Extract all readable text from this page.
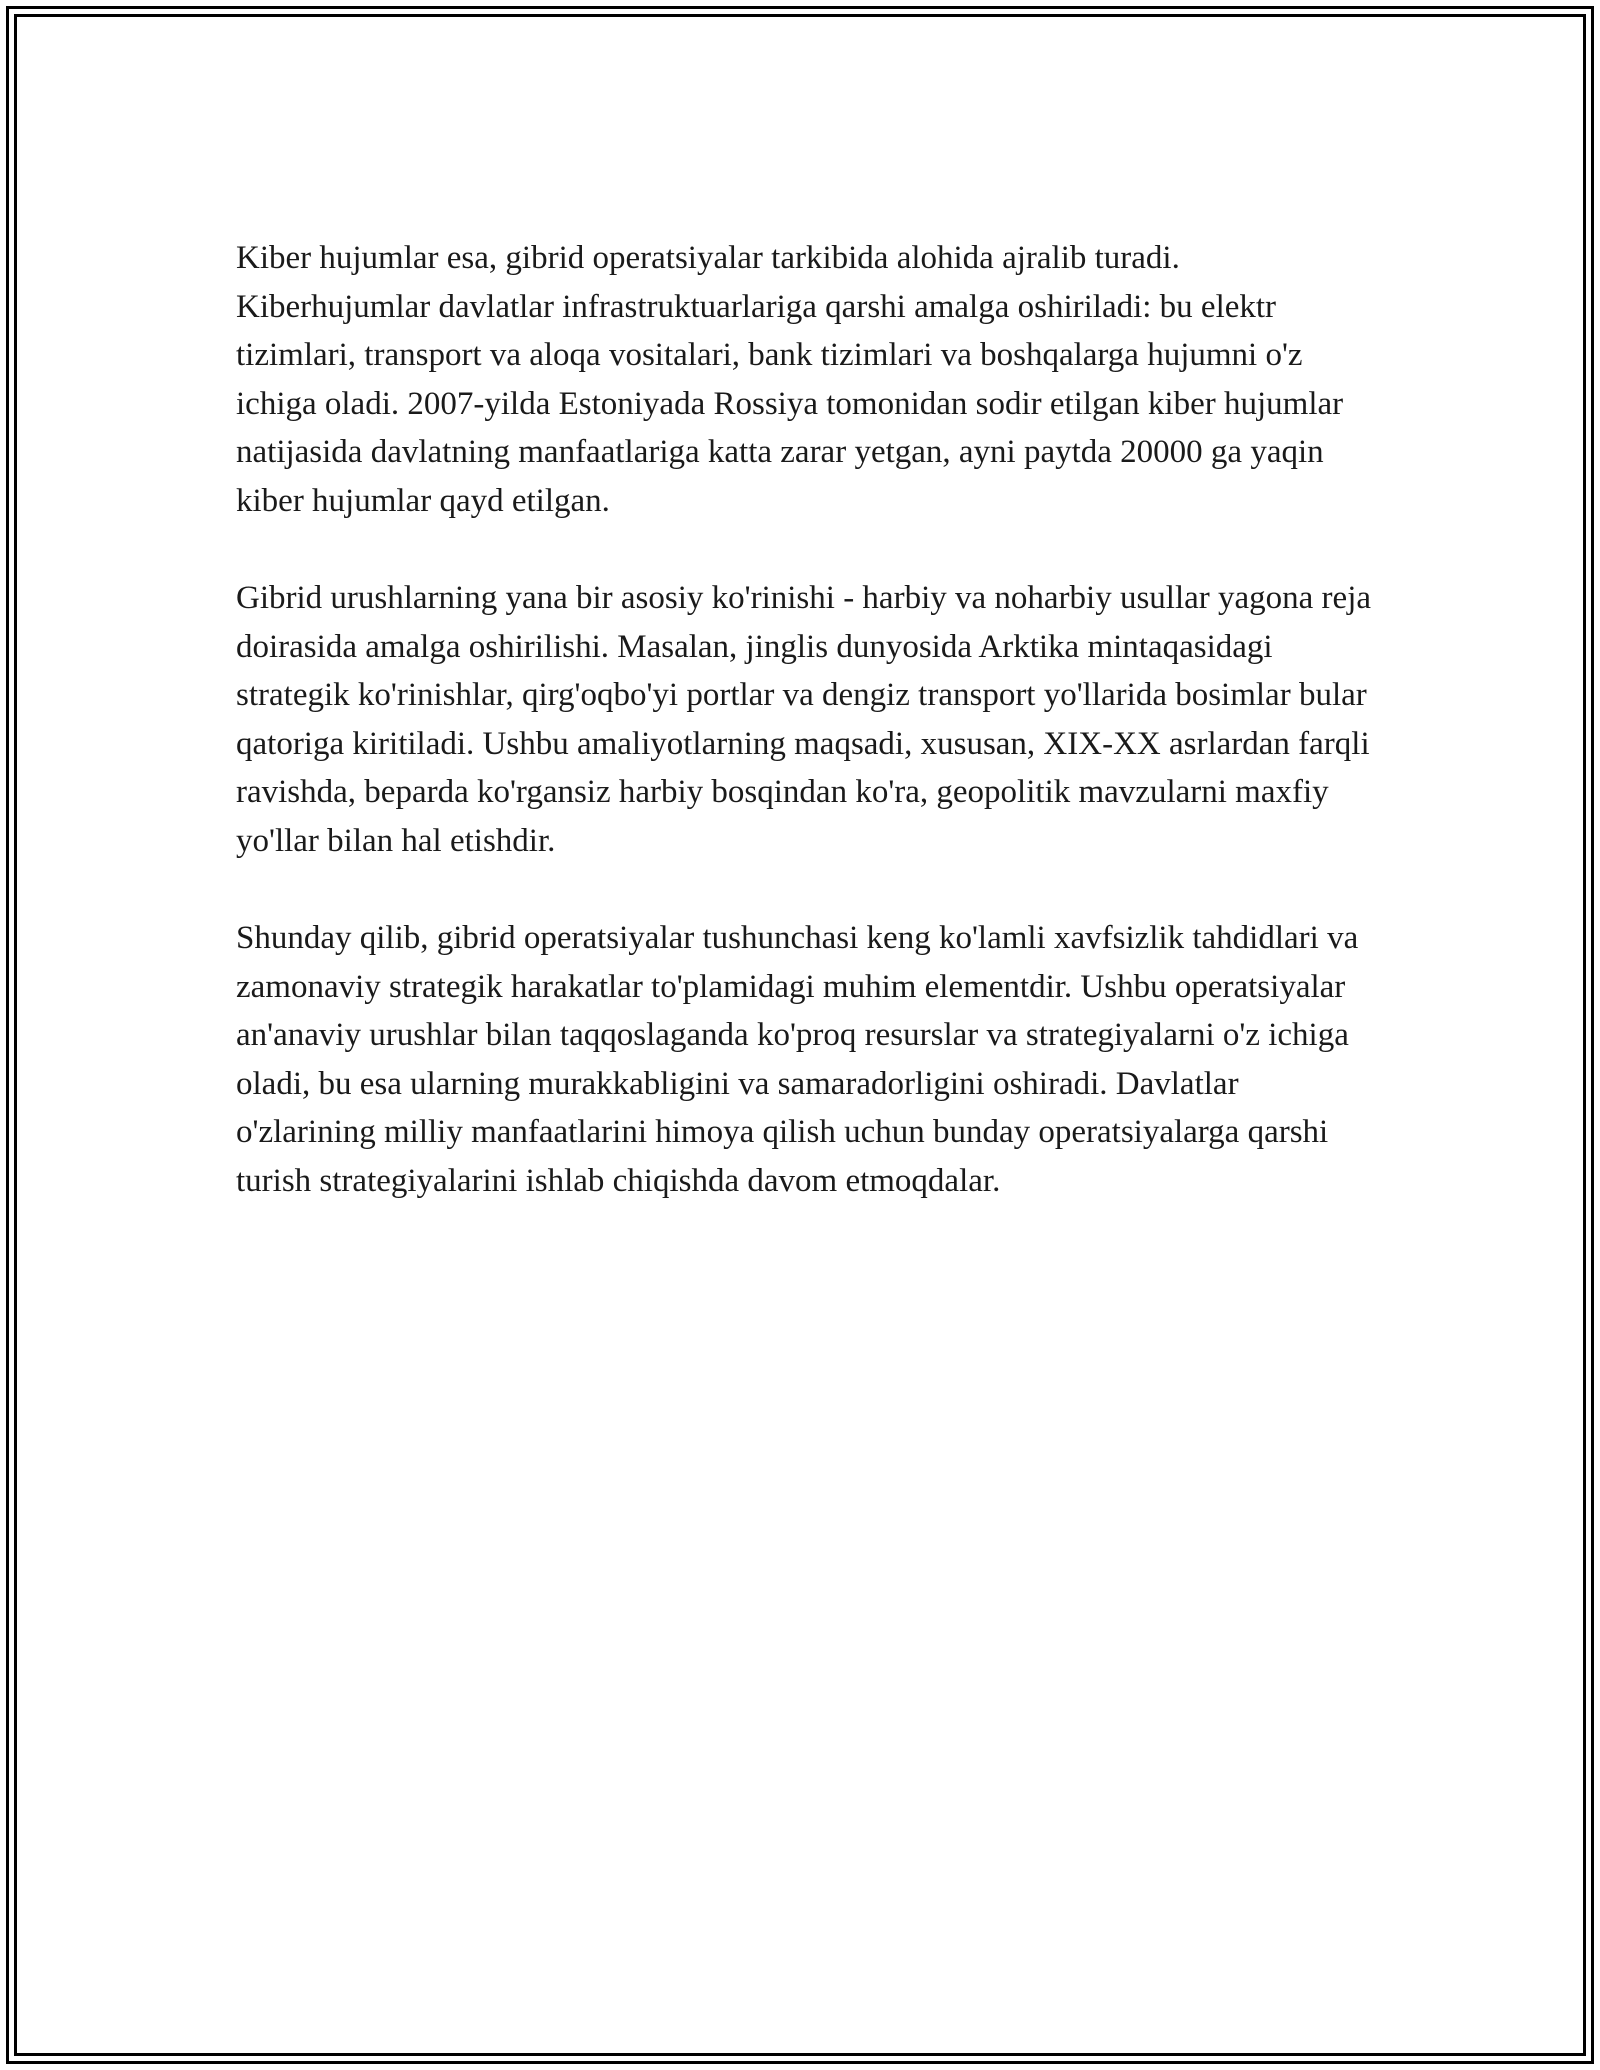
Kiber hujumlar esa, gibrid operatsiyalar tarkibida alohida ajralib turadi. Kiberhujumlar davlatlar infrastruktuarlariga qarshi amalga oshiriladi: bu elektr tizimlari, transport va aloqa vositalari, bank tizimlari va boshqalarga hujumni o'z ichiga oladi. 2007-yilda Estoniyada Rossiya tomonidan sodir etilgan kiber hujumlar natijasida davlatning manfaatlariga katta zarar yetgan, ayni paytda 20000 ga yaqin kiber hujumlar qayd etilgan.

Gibrid urushlarning yana bir asosiy ko'rinishi - harbiy va noharbiy usullar yagona reja doirasida amalga oshirilishi. Masalan, jinglis dunyosida Arktika mintaqasidagi strategik ko'rinishlar, qirg'oqbo'yi portlar va dengiz transport yo'llarida bosimlar bular qatoriga kiritiladi. Ushbu amaliyotlarning maqsadi, xususan, XIX-XX asrlardan farqli ravishda, beparda ko'rgansiz harbiy bosqindan ko'ra, geopolitik mavzularni maxfiy yo'llar bilan hal etishdir.

Shunday qilib, gibrid operatsiyalar tushunchasi keng ko'lamli xavfsizlik tahdidlari va zamonaviy strategik harakatlar to'plamidagi muhim elementdir. Ushbu operatsiyalar an'anaviy urushlar bilan taqqoslaganda ko'proq resurslar va strategiyalarni o'z ichiga oladi, bu esa ularning murakkabligini va samaradorligini oshiradi. Davlatlar o'zlarining milliy manfaatlarini himoya qilish uchun bunday operatsiyalarga qarshi turish strategiyalarini ishlab chiqishda davom etmoqdalar.
